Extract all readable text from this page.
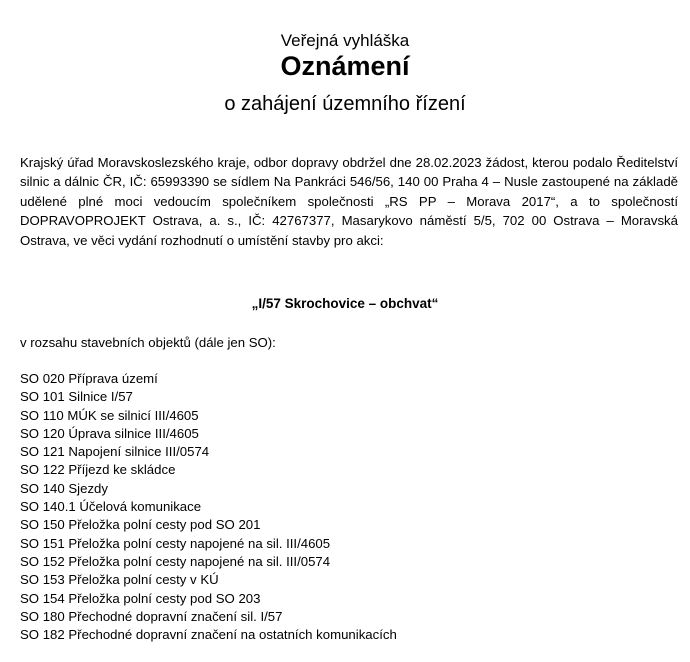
Veřejná vyhláška
Oznámení
o zahájení územního řízení

Krajský úřad Moravskoslezského kraje, odbor dopravy obdržel dne 28.02.2023 žádost, kterou podalo Ředitelství silnic a dálnic ČR, IČ: 65993390 se sídlem Na Pankráci 546/56, 140 00 Praha 4 – Nusle zastoupené na základě udělené plné moci vedoucím společníkem společnosti „RS PP – Morava 2017“, a to společností DOPRAVOPROJEKT Ostrava, a. s., IČ: 42767377, Masarykovo náměstí 5/5, 702 00 Ostrava – Moravská Ostrava, ve věci vydání rozhodnutí o umístění stavby pro akci:

„I/57 Skrochovice – obchvat“
v rozsahu stavebních objektů (dále jen SO):
SO 020 Příprava území
SO 101 Silnice I/57
SO 110 MÚK se silnicí III/4605
SO 120 Úprava silnice III/4605
SO 121 Napojení silnice III/0574
SO 122 Příjezd ke skládce
SO 140 Sjezdy
SO 140.1 Účelová komunikace
SO 150 Přeložka polní cesty pod SO 201
SO 151 Přeložka polní cesty napojené na sil. III/4605
SO 152 Přeložka polní cesty napojené na sil. III/0574
SO 153 Přeložka polní cesty v KÚ
SO 154 Přeložka polní cesty pod SO 203
SO 180 Přechodné dopravní značení sil. I/57
SO 182 Přechodné dopravní značení na ostatních komunikacích
